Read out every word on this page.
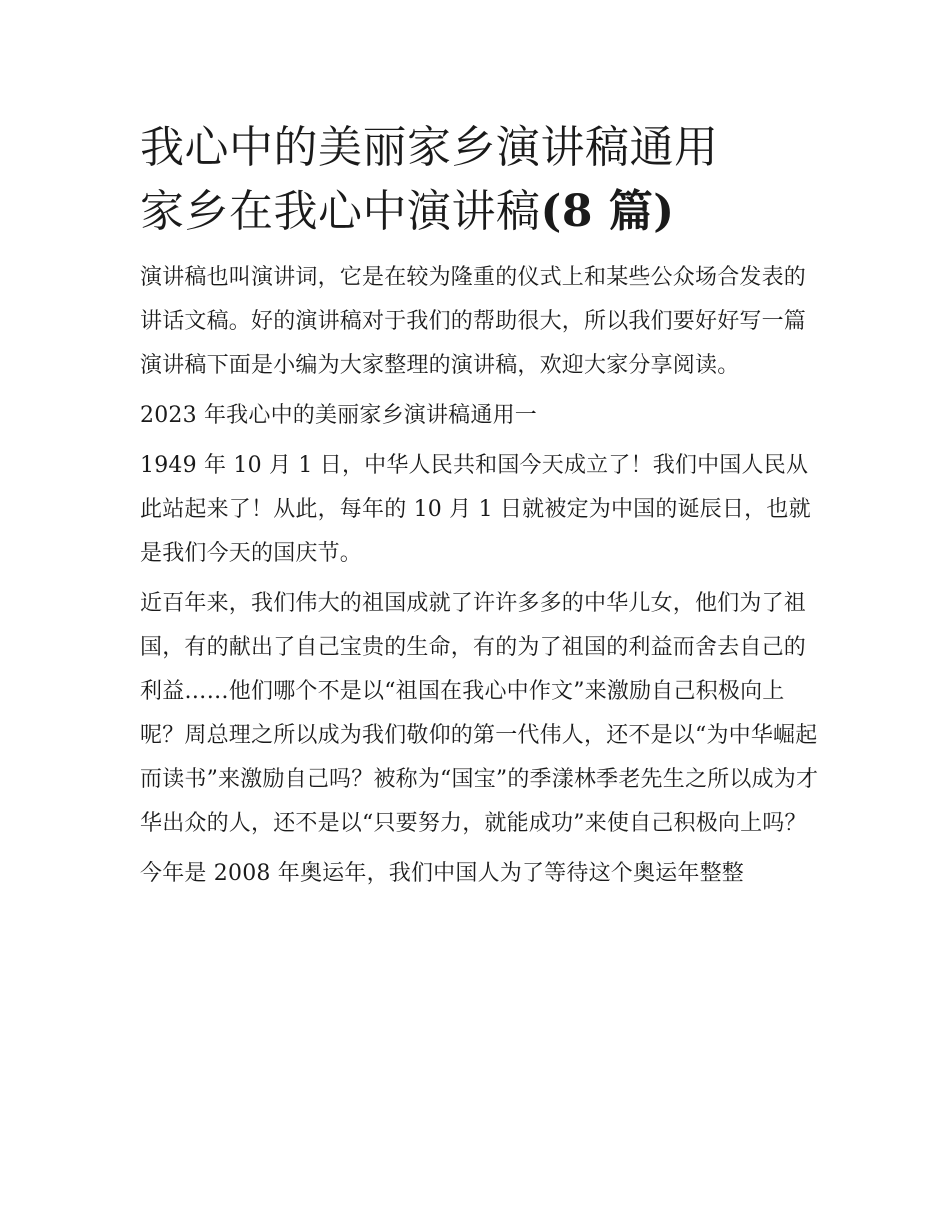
我心中的美丽家乡演讲稿通用
家乡在我心中演讲稿(8 篇)

演讲稿也叫演讲词，它是在较为隆重的仪式上和某些公众场合发表的讲话文稿。好的演讲稿对于我们的帮助很大，所以我们要好好写一篇演讲稿下面是小编为大家整理的演讲稿，欢迎大家分享阅读。

2023 年我心中的美丽家乡演讲稿通用一

1949 年 10 月 1 日，中华人民共和国今天成立了！我们中国人民从此站起来了！从此，每年的 10 月 1 日就被定为中国的诞辰日，也就是我们今天的国庆节。

近百年来，我们伟大的祖国成就了许许多多的中华儿女，他们为了祖国，有的献出了自己宝贵的生命，有的为了祖国的利益而舍去自己的利益……他们哪个不是以“祖国在我心中作文”来激励自己积极向上呢？周总理之所以成为我们敬仰的第一代伟人，还不是以“为中华崛起而读书”来激励自己吗？被称为“国宝”的季漾林季老先生之所以成为才华出众的人，还不是以“只要努力，就能成功”来使自己积极向上吗？

今年是 2008 年奥运年，我们中国人为了等待这个奥运年整整
